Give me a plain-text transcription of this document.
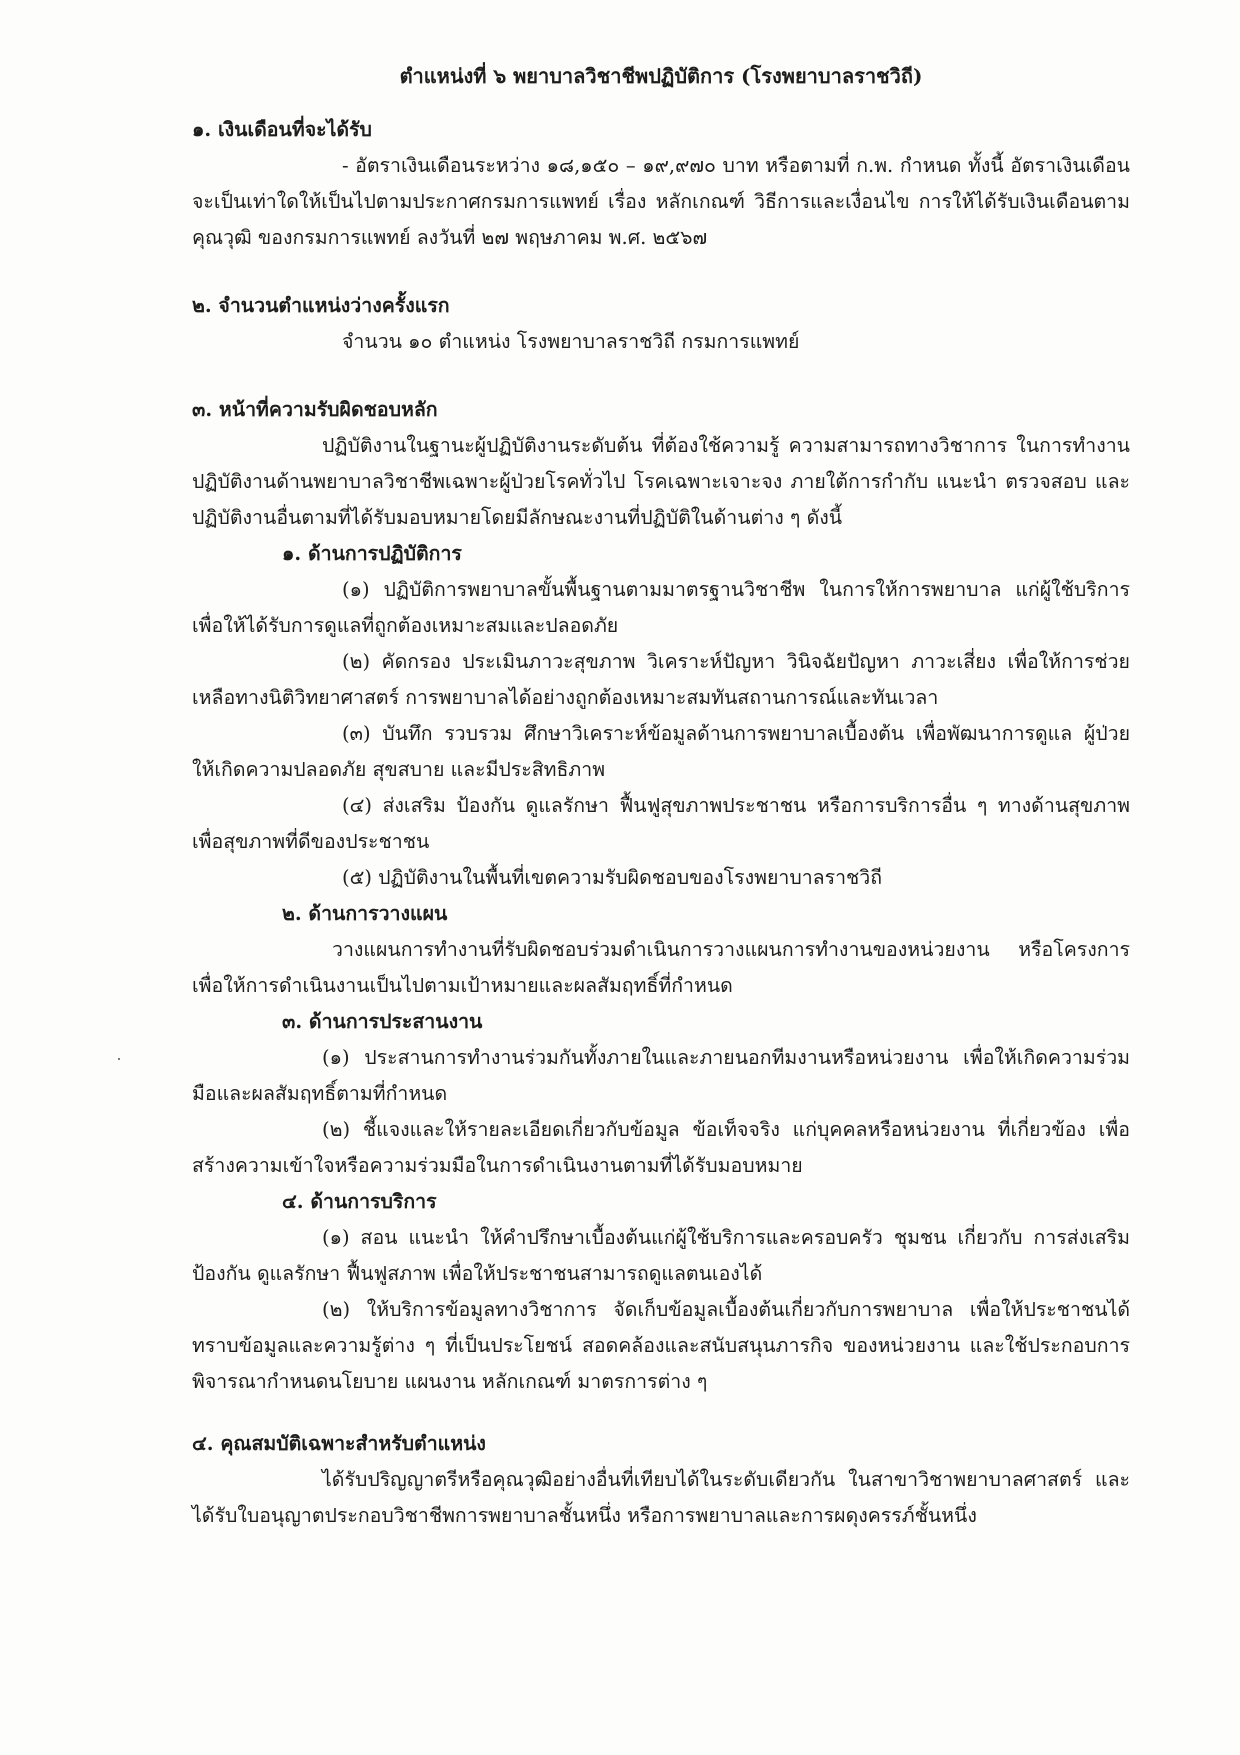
ตำแหน่งที่ ๖ พยาบาลวิชาชีพปฏิบัติการ (โรงพยาบาลราชวิถี)
๑. เงินเดือนที่จะได้รับ
- อัตราเงินเดือนระหว่าง ๑๘,๑๕๐ – ๑๙,๙๗๐ บาท หรือตามที่ ก.พ. กำหนด ทั้งนี้ อัตราเงินเดือน จะเป็นเท่าใดให้เป็นไปตามประกาศกรมการแพทย์ เรื่อง หลักเกณฑ์ วิธีการและเงื่อนไข การให้ได้รับเงินเดือนตามคุณวุฒิ ของกรมการแพทย์ ลงวันที่ ๒๗ พฤษภาคม พ.ศ. ๒๕๖๗
๒. จำนวนตำแหน่งว่างครั้งแรก
จำนวน ๑๐ ตำแหน่ง โรงพยาบาลราชวิถี กรมการแพทย์
๓. หน้าที่ความรับผิดชอบหลัก
ปฏิบัติงานในฐานะผู้ปฏิบัติงานระดับต้น ที่ต้องใช้ความรู้ ความสามารถทางวิชาการ ในการทำงาน ปฏิบัติงานด้านพยาบาลวิชาชีพเฉพาะผู้ป่วยโรคทั่วไป โรคเฉพาะเจาะจง ภายใต้การกำกับ แนะนำ ตรวจสอบ และปฏิบัติงานอื่นตามที่ได้รับมอบหมายโดยมีลักษณะงานที่ปฏิบัติในด้านต่าง ๆ ดังนี้
๑. ด้านการปฏิบัติการ
(๑) ปฏิบัติการพยาบาลขั้นพื้นฐานตามมาตรฐานวิชาชีพ ในการให้การพยาบาล แก่ผู้ใช้บริการเพื่อให้ได้รับการดูแลที่ถูกต้องเหมาะสมและปลอดภัย
(๒) คัดกรอง ประเมินภาวะสุขภาพ วิเคราะห์ปัญหา วินิจฉัยปัญหา ภาวะเสี่ยง เพื่อให้การช่วยเหลือทางนิติวิทยาศาสตร์ การพยาบาลได้อย่างถูกต้องเหมาะสมทันสถานการณ์และทันเวลา
(๓) บันทึก รวบรวม ศึกษาวิเคราะห์ข้อมูลด้านการพยาบาลเบื้องต้น เพื่อพัฒนาการดูแล ผู้ป่วย ให้เกิดความปลอดภัย สุขสบาย และมีประสิทธิภาพ
(๔) ส่งเสริม ป้องกัน ดูแลรักษา ฟื้นฟูสุขภาพประชาชน หรือการบริการอื่น ๆ ทางด้านสุขภาพ เพื่อสุขภาพที่ดีของประชาชน
(๕) ปฏิบัติงานในพื้นที่เขตความรับผิดชอบของโรงพยาบาลราชวิถี
๒. ด้านการวางแผน
วางแผนการทำงานที่รับผิดชอบร่วมดำเนินการวางแผนการทำงานของหน่วยงาน หรือโครงการเพื่อให้การดำเนินงานเป็นไปตามเป้าหมายและผลสัมฤทธิ์ที่กำหนด
๓. ด้านการประสานงาน
(๑) ประสานการทำงานร่วมกันทั้งภายในและภายนอกทีมงานหรือหน่วยงาน เพื่อให้เกิดความร่วมมือและผลสัมฤทธิ์ตามที่กำหนด
(๒) ชี้แจงและให้รายละเอียดเกี่ยวกับข้อมูล ข้อเท็จจริง แก่บุคคลหรือหน่วยงาน ที่เกี่ยวข้อง เพื่อสร้างความเข้าใจหรือความร่วมมือในการดำเนินงานตามที่ได้รับมอบหมาย
๔. ด้านการบริการ
(๑) สอน แนะนำ ให้คำปรึกษาเบื้องต้นแก่ผู้ใช้บริการและครอบครัว ชุมชน เกี่ยวกับ การส่งเสริม ป้องกัน ดูแลรักษา ฟื้นฟูสภาพ เพื่อให้ประชาชนสามารถดูแลตนเองได้
(๒) ให้บริการข้อมูลทางวิชาการ จัดเก็บข้อมูลเบื้องต้นเกี่ยวกับการพยาบาล เพื่อให้ประชาชนได้ทราบข้อมูลและความรู้ต่าง ๆ ที่เป็นประโยชน์ สอดคล้องและสนับสนุนภารกิจ ของหน่วยงาน และใช้ประกอบการพิจารณากำหนดนโยบาย แผนงาน หลักเกณฑ์ มาตรการต่าง ๆ
๔. คุณสมบัติเฉพาะสำหรับตำแหน่ง
ได้รับปริญญาตรีหรือคุณวุฒิอย่างอื่นที่เทียบได้ในระดับเดียวกัน ในสาขาวิชาพยาบาลศาสตร์ และได้รับใบอนุญาตประกอบวิชาชีพการพยาบาลชั้นหนึ่ง หรือการพยาบาลและการผดุงครรภ์ชั้นหนึ่ง
